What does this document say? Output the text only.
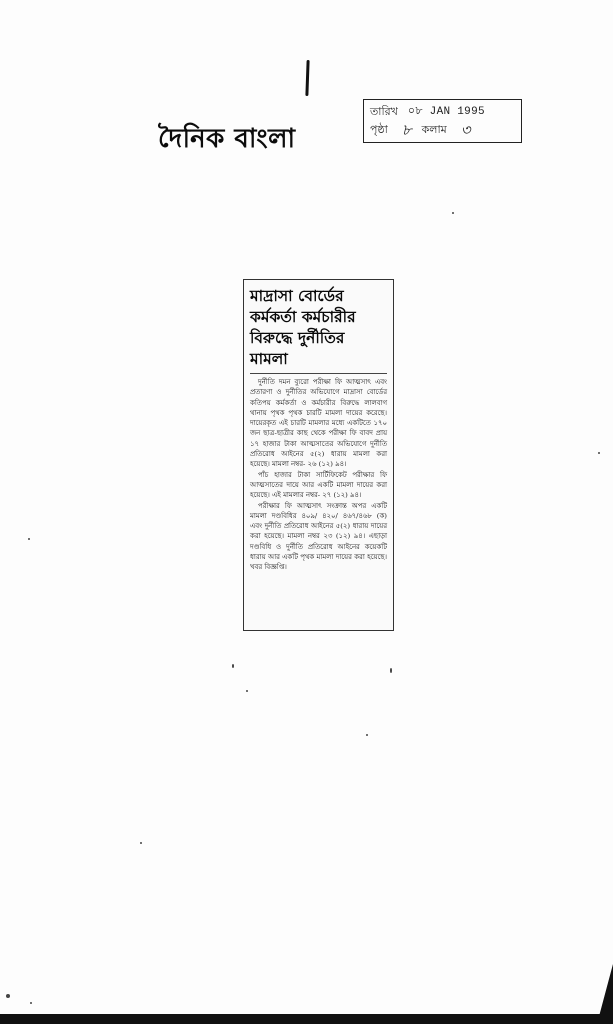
দৈনিক বাংলা
তারিখ ০৮ JAN 1995
পৃষ্ঠা ৮ কলাম ৩
মাদ্রাসা বোর্ডের
কর্মকর্তা কর্মচারীর
বিরুদ্ধে দুর্নীতির
মামলা

দুর্নীতি দমন ব্যুরো পরীক্ষা ফি আত্মসাৎ এবং প্রতারণা ও দুর্নীতির অভিযোগে মাদ্রাসা বোর্ডের কতিপয় কর্মকর্তা ও কর্মচারীর বিরুদ্ধে লালবাগ থানায় পৃথক পৃথক চারটি মামলা দায়ের করেছে। দায়েরকৃত এই চারটি মামলার মধ্যে একটিতে ১৭০ জন ছাত্র-ছাত্রীর কাছ থেকে পরীক্ষা ফি বাবদ প্রায় ১৭ হাজার টাকা আত্মসাতের অভিযোগে দুর্নীতি প্রতিরোধ আইনের ৫(২) ধারায় মামলা করা হয়েছে। মামলা নম্বর- ২৬ (১২) ৯৪।

পাঁচ হাজার টাকা সার্টিফিকেট পরীক্ষার ফি আত্মসাতের দায়ে আর একটি মামলা দায়ের করা হয়েছে। এই মামলার নম্বর- ২৭ (১২) ৯৪।

পরীক্ষার ফি আত্মসাৎ সংক্রান্ত অপর একটি মামলা দণ্ডবিধির ৪০৯/ ৪২০/ ৪৬৭/৪৬৮ (ক) এবং দুর্নীতি প্রতিরোধ আইনের ৫(২) ধারায় দায়ের করা হয়েছে। মামলা নম্বর ২৩ (১২) ৯৪। এছাড়া দণ্ডবিধি ও দুর্নীতি প্রতিরোধ আইনের কয়েকটি ধারায় আর একটি পৃথক মামলা দায়ের করা হয়েছে। খবর বিজ্ঞপ্তি।
